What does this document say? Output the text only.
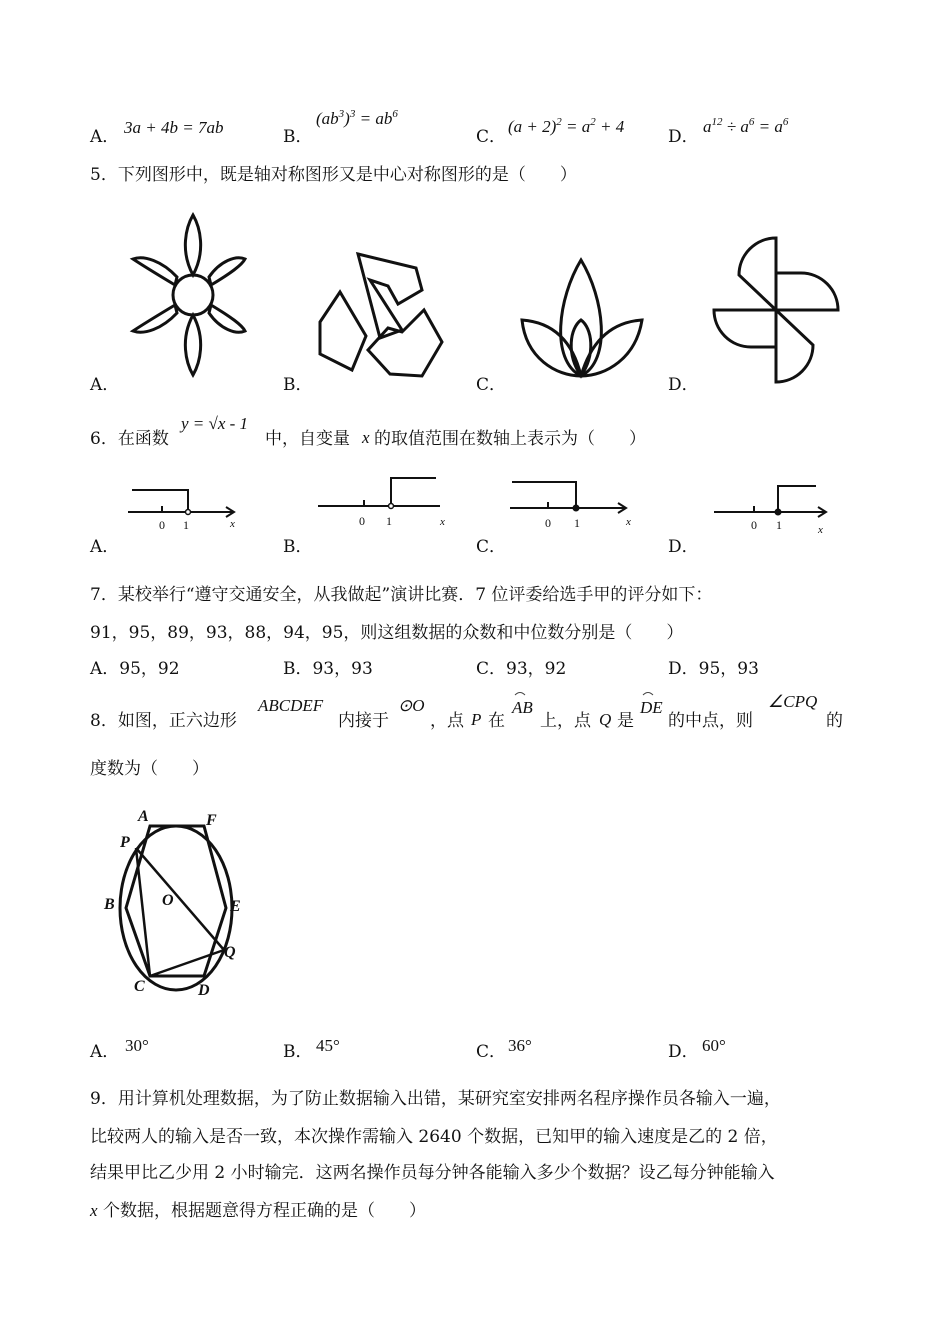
A． 3a + 4b = 7ab	B．
$(ab^3)^3 = ab^6$
C．
$(a + 2)^2 = a^2 + 4$
D．
$a^{12} \div a^6 = a^6$
5．下列图形中，既是轴对称图形又是中心对称图形的是（　　）
A．	B．	C．	D．
6．在函数
y = √x - 1
中，自变量 x 的取值范围在数轴上表示为（　　）
0 1	x
A．
0 1	x
B．
0 1	x
C．
0 1	x
D．
7．某校举行“遵守交通安全，从我做起”演讲比赛．7 位评委给选手甲的评分如下：
91，95，89，93，88，94，95，则这组数据的众数和中位数分别是（　　）
A．95，92	B．93，93	C．93，92	D．95，93
8．如图，正六边形
ABCDEF
内接于
⊙O
，点 P 在
AB
上，点 Q 是
DE
的中点，则
∠CPQ
的
度数为（　　）
A	F
P
B	O	E
Q
C	D
A． 30°	B． 45°	C． 36°	D． 60°
9．用计算机处理数据，为了防止数据输入出错，某研究室安排两名程序操作员各输入一遍，
比较两人的输入是否一致，本次操作需输入 2640 个数据，已知甲的输入速度是乙的 2 倍，
结果甲比乙少用 2 小时输完．这两名操作员每分钟各能输入多少个数据？设乙每分钟能输入
x 个数据，根据题意得方程正确的是（　　）
